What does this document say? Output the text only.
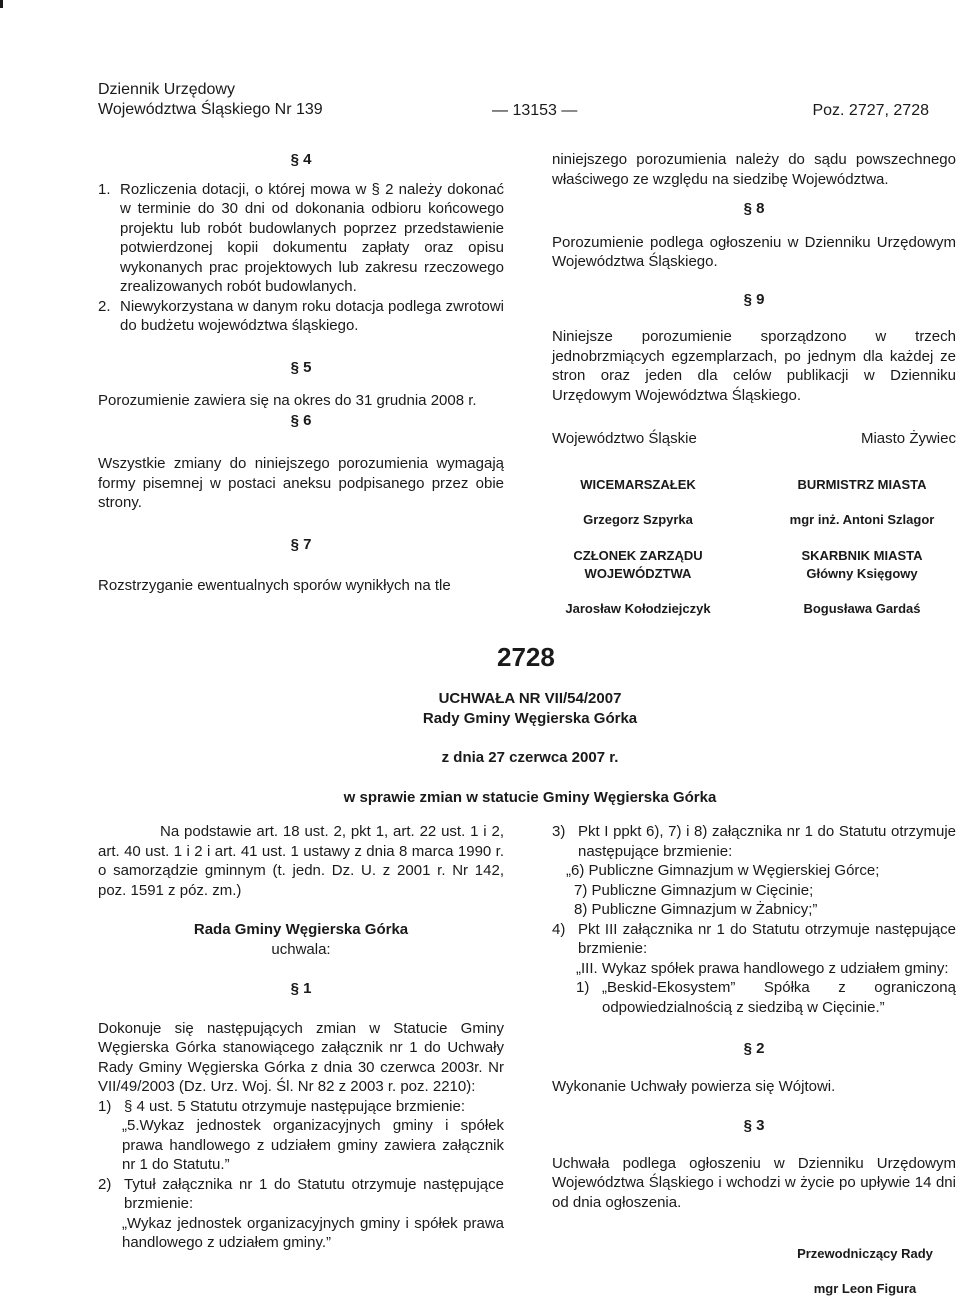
Dziennik Urzędowy
Województwa Śląskiego Nr 139	— 13153 —	Poz. 2727, 2728
§ 4
1. Rozliczenia dotacji, o której mowa w § 2 należy dokonać w terminie do 30 dni od dokonania odbioru końcowego projektu lub robót budowlanych poprzez przedstawienie potwierdzonej kopii dokumentu zapłaty oraz opisu wykonanych prac projektowych lub zakresu rzeczowego zrealizowanych robót budowlanych.
2. Niewykorzystana w danym roku dotacja podlega zwrotowi do budżetu województwa śląskiego.
§ 5

Porozumienie zawiera się na okres do 31 grudnia 2008 r.

§ 6

Wszystkie zmiany do niniejszego porozumienia wymagają formy pisemnej w postaci aneksu podpisanego przez obie strony.

§ 7

Rozstrzyganie ewentualnych sporów wynikłych na tle

niniejszego porozumienia należy do sądu powszechnego właściwego ze względu na siedzibę Województwa.

§ 8

Porozumienie podlega ogłoszeniu w Dzienniku Urzędowym Województwa Śląskiego.

§ 9

Niniejsze porozumienie sporządzono w trzech jednobrzmiących egzemplarzach, po jednym dla każdej ze stron oraz jeden dla celów publikacji w Dzienniku Urzędowym Województwa Śląskiego.

Województwo Śląskie	Miasto Żywiec
WICEMARSZAŁEK
Grzegorz Szpyrka
CZŁONEK ZARZĄDU
WOJEWÓDZTWA
Jarosław Kołodziejczyk
BURMISTRZ MIASTA
mgr inż. Antoni Szlagor
SKARBNIK MIASTA
Główny Księgowy
Bogusława Gardaś
2728
UCHWAŁA NR VII/54/2007
Rady Gminy Węgierska Górka
z dnia 27 czerwca 2007 r.
w sprawie zmian w statucie Gminy Węgierska Górka

Na podstawie art. 18 ust. 2, pkt 1, art. 22 ust. 1 i 2, art. 40 ust. 1 i 2 i art. 41 ust. 1 ustawy z dnia 8 marca 1990 r. o samorządzie gminnym (t. jedn. Dz. U. z 2001 r. Nr 142, poz. 1591 z póz. zm.)

Rada Gminy Węgierska Górka
uchwala:
§ 1

Dokonuje się następujących zmian w Statucie Gminy Węgierska Górka stanowiącego załącznik nr 1 do Uchwały Rady Gminy Węgierska Górka z dnia 30 czerwca 2003r. Nr VII/49/2003 (Dz. Urz. Woj. Śl. Nr 82 z 2003 r. poz. 2210):

1) § 4 ust. 5 Statutu otrzymuje następujące brzmienie:

„5.Wykaz jednostek organizacyjnych gminy i spółek prawa handlowego z udziałem gminy zawiera załącznik nr 1 do Statutu.”

2) Tytuł załącznika nr 1 do Statutu otrzymuje następujące brzmienie:

„Wykaz jednostek organizacyjnych gminy i spółek prawa handlowego z udziałem gminy.”

3) Pkt I ppkt 6), 7) i 8) załącznika nr 1 do Statutu otrzymuje następujące brzmienie:
„6) Publiczne Gimnazjum w Węgierskiej Górce;
7) Publiczne Gimnazjum w Cięcinie;
8) Publiczne Gimnazjum w Żabnicy;”
4) Pkt III załącznika nr 1 do Statutu otrzymuje następujące brzmienie:

„III. Wykaz spółek prawa handlowego z udziałem gminy:

1) „Beskid-Ekosystem” Spółka z ograniczoną odpowiedzialnością z siedzibą w Cięcinie.”
§ 2

Wykonanie Uchwały powierza się Wójtowi.

§ 3

Uchwała podlega ogłoszeniu w Dzienniku Urzędowym Województwa Śląskiego i wchodzi w życie po upływie 14 dni od dnia ogłoszenia.

Przewodniczący Rady
mgr Leon Figura
